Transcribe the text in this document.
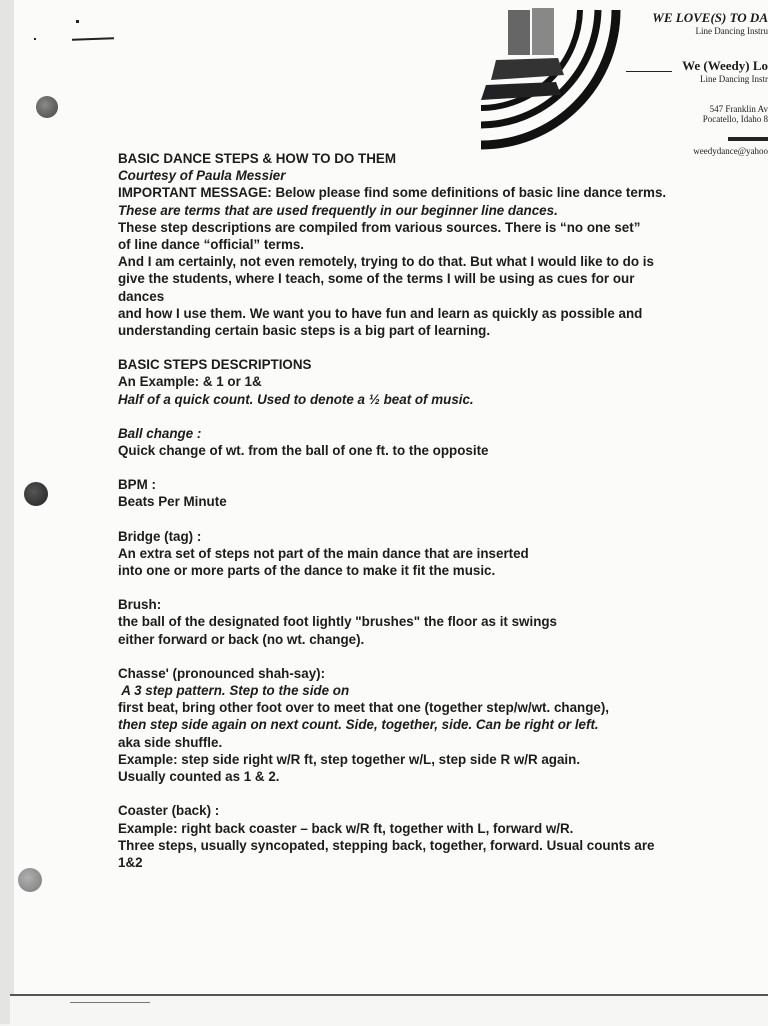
WE LOVE(S) TO DA
Line Dancing Instru
We (Weedy) Lo
Line Dancing Instr
547 Franklin Av
Pocatello, Idaho 8
weedydance@yahoo

BASIC DANCE STEPS & HOW TO DO THEM

Courtesy of Paula Messier

IMPORTANT MESSAGE: Below please find some definitions of basic line dance terms.

These are terms that are used frequently in our beginner line dances.

These step descriptions are compiled from various sources. There is “no one set”

of line dance “official” terms.

And I am certainly, not even remotely, trying to do that. But what I would like to do is

give the students, where I teach, some of the terms I will be using as cues for our

dances

and how I use them. We want you to have fun and learn as quickly as possible and

understanding certain basic steps is a big part of learning.

BASIC STEPS DESCRIPTIONS

An Example: & 1 or 1&

Half of a quick count. Used to denote a ½ beat of music.

Ball change :

Quick change of wt. from the ball of one ft. to the opposite

BPM :

Beats Per Minute

Bridge (tag) :

An extra set of steps not part of the main dance that are inserted

into one or more parts of the dance to make it fit the music.

Brush:

the ball of the designated foot lightly "brushes" the floor as it swings

either forward or back (no wt. change).

Chasse' (pronounced shah-say):

A 3 step pattern. Step to the side on

first beat, bring other foot over to meet that one (together step/w/wt. change),

then step side again on next count. Side, together, side. Can be right or left.

aka side shuffle.

Example: step side right w/R ft, step together w/L, step side R w/R again.

Usually counted as 1 & 2.

Coaster (back) :

Example: right back coaster – back w/R ft, together with L, forward w/R.

Three steps, usually syncopated, stepping back, together, forward. Usual counts are

1&2
